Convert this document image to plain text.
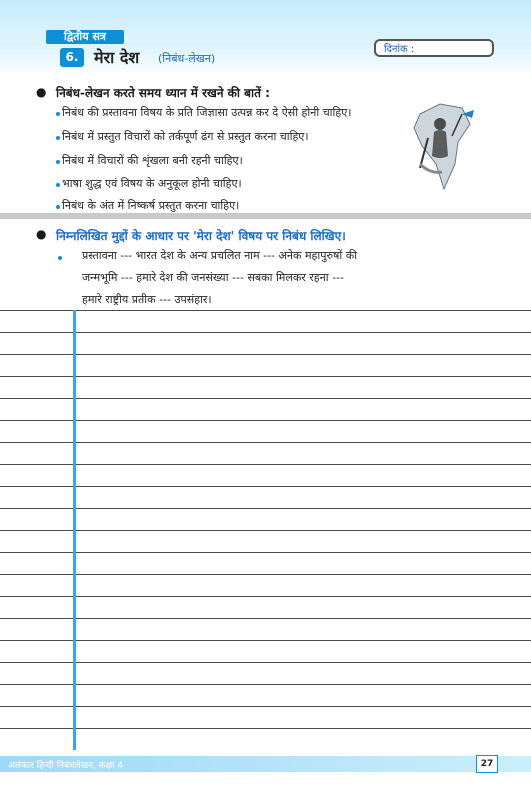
द्वितीय सत्र
6. मेरा देश (निबंध-लेखन)
दिनांक :
● निबंध-लेखन करते समय ध्यान में रखने की बातें :
निबंध की प्रस्तावना विषय के प्रति जिज्ञासा उत्पन्न कर दे ऐसी होनी चाहिए।
निबंध में प्रस्तुत विचारों को तर्कपूर्ण ढंग से प्रस्तुत करना चाहिए।
निबंध में विचारों की शृंखला बनी रहनी चाहिए।
भाषा शुद्ध एवं विषय के अनुकूल होनी चाहिए।
निबंध के अंत में निष्कर्ष प्रस्तुत करना चाहिए।
● निम्नलिखित मुद्दों के आधार पर 'मेरा देश' विषय पर निबंध लिखिए।
प्रस्तावना --- भारत देश के अन्य प्रचलित नाम --- अनेक महापुरुषों की
जन्मभूमि --- हमारे देश की जनसंख्या --- सबका मिलकर रहना ---
हमारे राष्ट्रीय प्रतीक --- उपसंहार।
अलंकार हिन्दी निबंधलेखन, कक्षा 4	27
